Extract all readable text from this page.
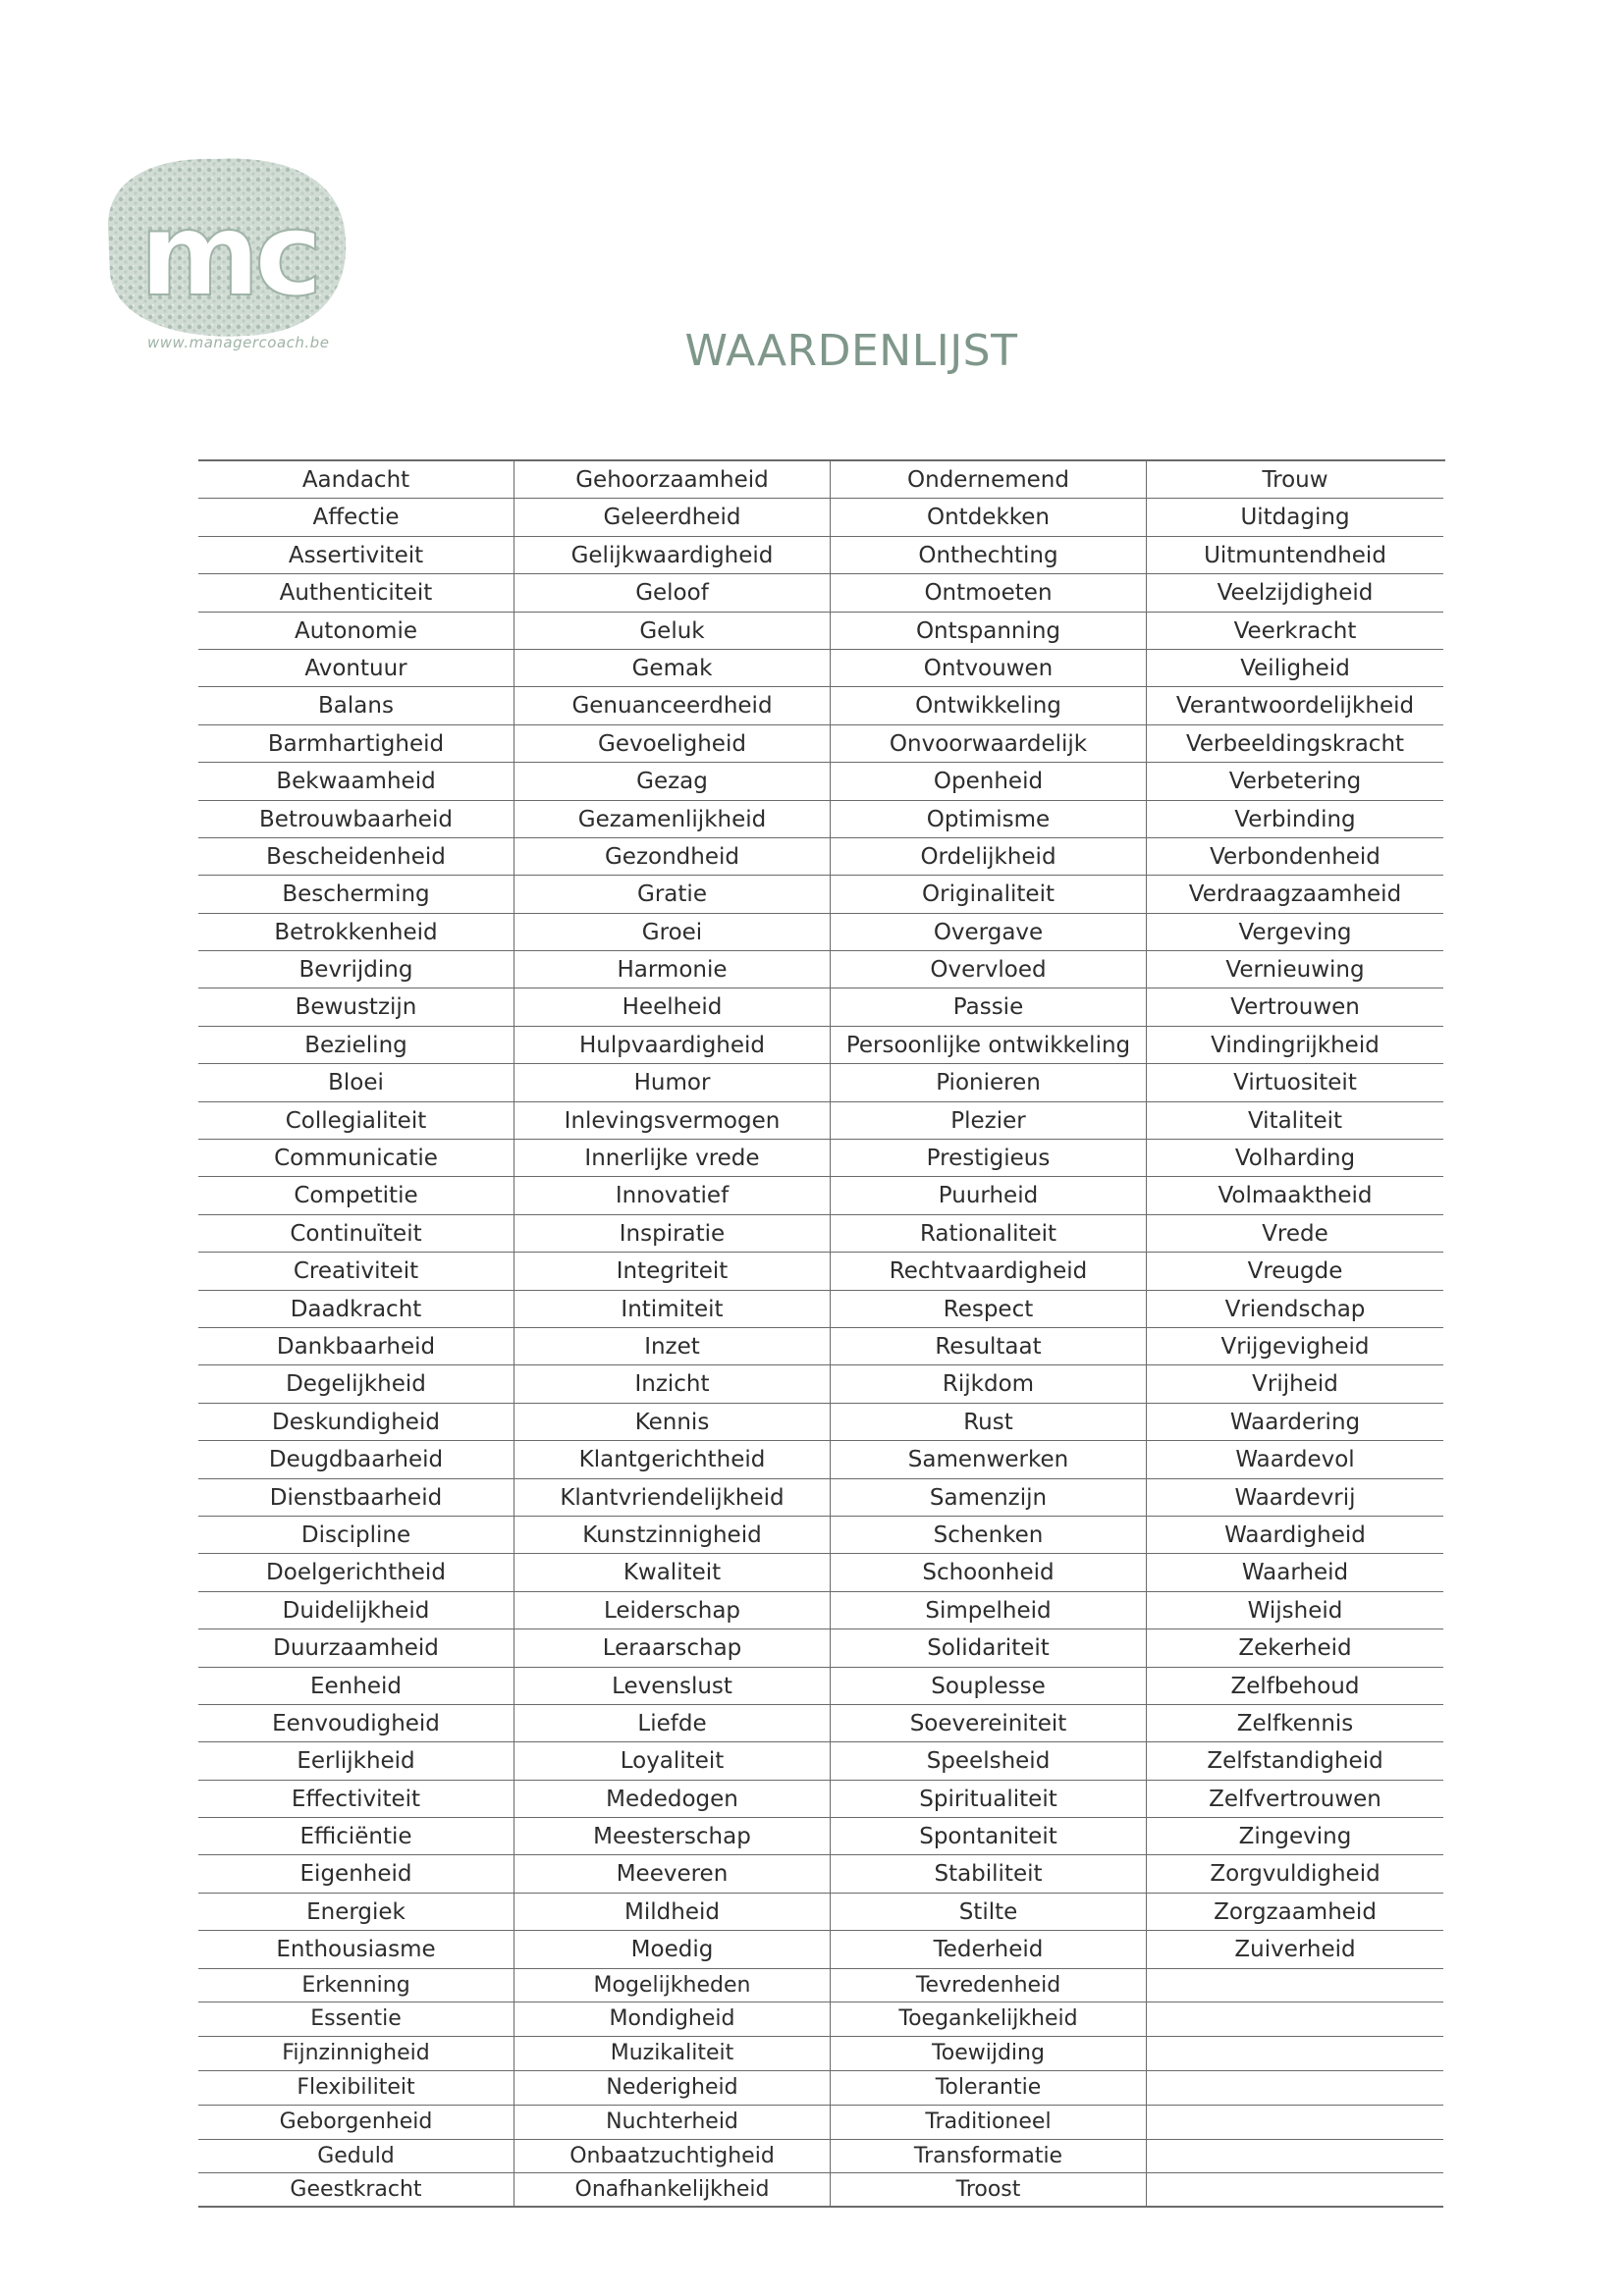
mc
www.managercoach.be	WAARDENLIJST
Aandacht
Affectie
Assertiviteit
Authenticiteit
Autonomie
Avontuur
Balans
Barmhartigheid
Bekwaamheid
Betrouwbaarheid
Bescheidenheid
Bescherming
Betrokkenheid
Bevrijding
Bewustzijn
Bezieling
Bloei
Collegialiteit
Communicatie
Competitie
Continuïteit
Creativiteit
Daadkracht
Dankbaarheid
Degelijkheid
Deskundigheid
Deugdbaarheid
Dienstbaarheid
Discipline
Doelgerichtheid
Duidelijkheid
Duurzaamheid
Eenheid
Eenvoudigheid
Eerlijkheid
Effectiviteit
Efficiëntie
Eigenheid
Energiek
Enthousiasme
Erkenning
Essentie
Fijnzinnigheid
Flexibiliteit
Geborgenheid
Geduld
Geestkracht
Gehoorzaamheid
Geleerdheid
Gelijkwaardigheid
Geloof
Geluk
Gemak
Genuanceerdheid
Gevoeligheid
Gezag
Gezamenlijkheid
Gezondheid
Gratie
Groei
Harmonie
Heelheid
Hulpvaardigheid
Humor
Inlevingsvermogen
Innerlijke vrede
Innovatief
Inspiratie
Integriteit
Intimiteit
Inzet
Inzicht
Kennis
Klantgerichtheid
Klantvriendelijkheid
Kunstzinnigheid
Kwaliteit
Leiderschap
Leraarschap
Levenslust
Liefde
Loyaliteit
Mededogen
Meesterschap
Meeveren
Mildheid
Moedig
Mogelijkheden
Mondigheid
Muzikaliteit
Nederigheid
Nuchterheid
Onbaatzuchtigheid
Onafhankelijkheid
Ondernemend
Ontdekken
Onthechting
Ontmoeten
Ontspanning
Ontvouwen
Ontwikkeling
Onvoorwaardelijk
Openheid
Optimisme
Ordelijkheid
Originaliteit
Overgave
Overvloed
Passie
Persoonlijke ontwikkeling
Pionieren
Plezier
Prestigieus
Puurheid
Rationaliteit
Rechtvaardigheid
Respect
Resultaat
Rijkdom
Rust
Samenwerken
Samenzijn
Schenken
Schoonheid
Simpelheid
Solidariteit
Souplesse
Soevereiniteit
Speelsheid
Spiritualiteit
Spontaniteit
Stabiliteit
Stilte
Tederheid
Tevredenheid
Toegankelijkheid
Toewijding
Tolerantie
Traditioneel
Transformatie
Troost
Trouw
Uitdaging
Uitmuntendheid
Veelzijdigheid
Veerkracht
Veiligheid
Verantwoordelijkheid
Verbeeldingskracht
Verbetering
Verbinding
Verbondenheid
Verdraagzaamheid
Vergeving
Vernieuwing
Vertrouwen
Vindingrijkheid
Virtuositeit
Vitaliteit
Volharding
Volmaaktheid
Vrede
Vreugde
Vriendschap
Vrijgevigheid
Vrijheid
Waardering
Waardevol
Waardevrij
Waardigheid
Waarheid
Wijsheid
Zekerheid
Zelfbehoud
Zelfkennis
Zelfstandigheid
Zelfvertrouwen
Zingeving
Zorgvuldigheid
Zorgzaamheid
Zuiverheid
